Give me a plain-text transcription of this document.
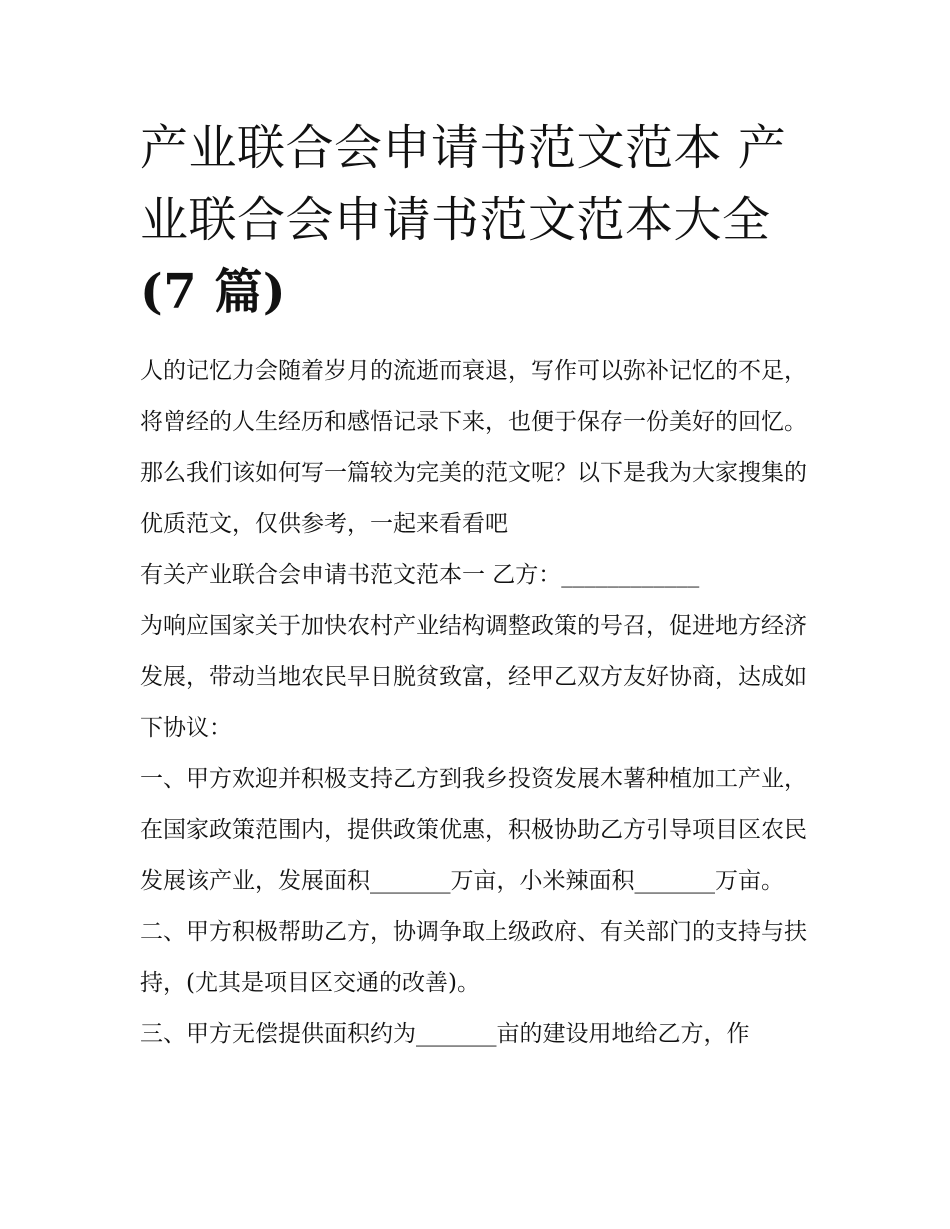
产业联合会申请书范文范本 产
业联合会申请书范文范本大全
(7 篇)

人的记忆力会随着岁月的流逝而衰退，写作可以弥补记忆的不足，将曾经的人生经历和感悟记录下来，也便于保存一份美好的回忆。那么我们该如何写一篇较为完美的范文呢？以下是我为大家搜集的优质范文，仅供参考，一起来看看吧

有关产业联合会申请书范文范本一 乙方：____________

为响应国家关于加快农村产业结构调整政策的号召，促进地方经济发展，带动当地农民早日脱贫致富，经甲乙双方友好协商，达成如下协议：

一、甲方欢迎并积极支持乙方到我乡投资发展木薯种植加工产业，在国家政策范围内，提供政策优惠，积极协助乙方引导项目区农民发展该产业，发展面积_______万亩，小米辣面积_______万亩。

二、甲方积极帮助乙方，协调争取上级政府、有关部门的支持与扶持，(尤其是项目区交通的改善)。

三、甲方无偿提供面积约为_______亩的建设用地给乙方，作
